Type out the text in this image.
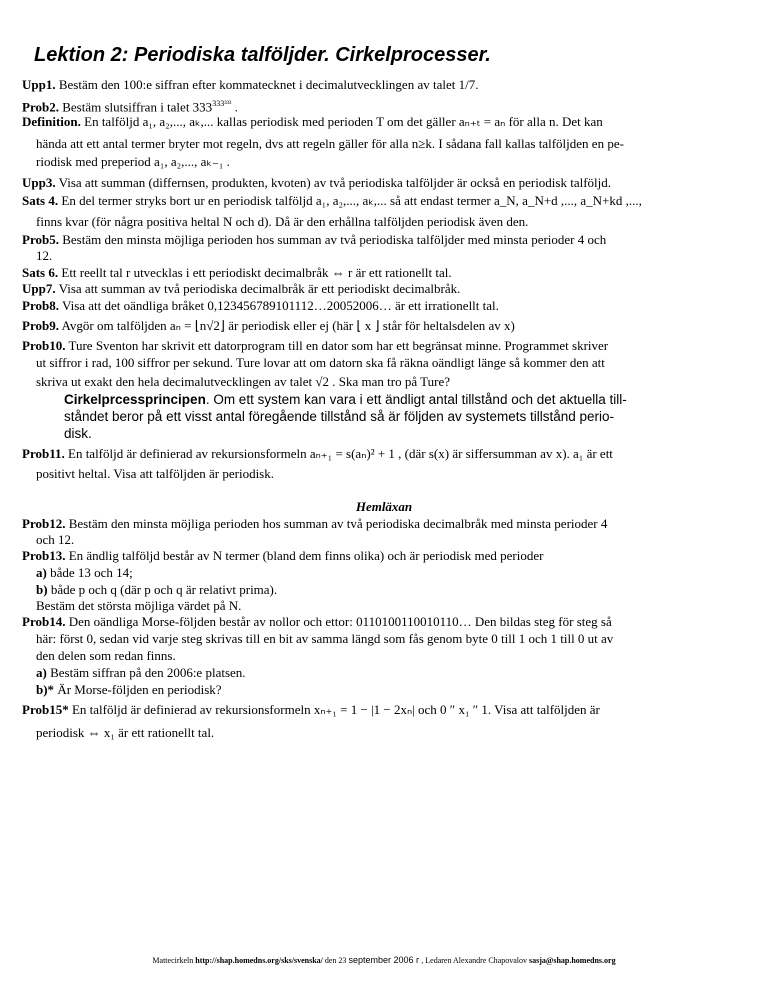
Lektion 2: Periodiska talföljder. Cirkelprocesser.
Upp1. Bestäm den 100:e siffran efter kommatecknet i decimalutvecklingen av talet 1/7.
Prob2. Bestäm slutsiffran i talet $333^{333^{333}}$ .
Definition. En talföljd a₁, a₂,..., aₖ,... kallas periodisk med perioden T om det gäller aₙ₊ₜ = aₙ för alla n. Det kan
hända att ett antal termer bryter mot regeln, dvs att regeln gäller för alla n≥k. I sådana fall kallas talföljden en pe-
riodisk med preperiod a₁, a₂,..., aₖ₋₁ .
Upp3. Visa att summan (differnsen, produkten, kvoten) av två periodiska talföljder är också en periodisk talföljd.
Sats 4. En del termer stryks bort ur en periodisk talföljd a₁, a₂,..., aₖ,... så att endast termer a_N, a_N+d ,..., a_N+kd ,...,
finns kvar (för några positiva heltal N och d). Då är den erhållna talföljden periodisk även den.
Prob5. Bestäm den minsta möjliga perioden hos summan av två periodiska talföljder med minsta perioder 4 och
12.
Sats 6. Ett reellt tal r utvecklas i ett periodiskt decimalbråk ⇔ r är ett rationellt tal.
Upp7. Visa att summan av två periodiska decimalbråk är ett periodiskt decimalbråk.
Prob8. Visa att det oändliga bråket 0,123456789101112…20052006… är ett irrationellt tal.
Prob9. Avgör om talföljden aₙ = ⌊n√2⌋ är periodisk eller ej (här ⌊ x ⌋ står för heltalsdelen av x)
Prob10. Ture Sventon har skrivit ett datorprogram till en dator som har ett begränsat minne. Programmet skriver
ut siffror i rad, 100 siffror per sekund. Ture lovar att om datorn ska få räkna oändligt länge så kommer den att
skriva ut exakt den hela decimalutvecklingen av talet √2 . Ska man tro på Ture?
Cirkelprcessprincipen. Om ett system kan vara i ett ändligt antal tillstånd och det aktuella till-
ståndet beror på ett visst antal föregående tillstånd så är följden av systemets tillstånd perio-
disk.
Prob11. En talföljd är definierad av rekursionsformeln aₙ₊₁ = s(aₙ)² + 1 , (där s(x) är siffersumman av x). a₁ är ett
positivt heltal. Visa att talföljden är periodisk.
Hemläxan
Prob12. Bestäm den minsta möjliga perioden hos summan av två periodiska decimalbråk med minsta perioder 4
och 12.
Prob13. En ändlig talföljd består av N termer (bland dem finns olika) och är periodisk med perioder
a) både 13 och 14;
b) både p och q (där p och q är relativt prima).
Bestäm det största möjliga värdet på N.
Prob14. Den oändliga Morse-följden består av nollor och ettor: 0110100110010110… Den bildas steg för steg så
här: först 0, sedan vid varje steg skrivas till en bit av samma längd som fås genom byte 0 till 1 och 1 till 0 ut av
den delen som redan finns.
a) Bestäm siffran på den 2006:e platsen.
b)* Är Morse-följden en periodisk?
Prob15* En talföljd är definierad av rekursionsformeln xₙ₊₁ = 1 − |1 − 2xₙ| och 0 ″ x₁ ″ 1. Visa att talföljden är
periodisk ⇔ x₁ är ett rationellt tal.
Mattecirkeln http://shap.homedns.org/sks/svenska/ den 23 september 2006 г , Ledaren Alexandre Chapovalov sasja@shap.homedns.org
